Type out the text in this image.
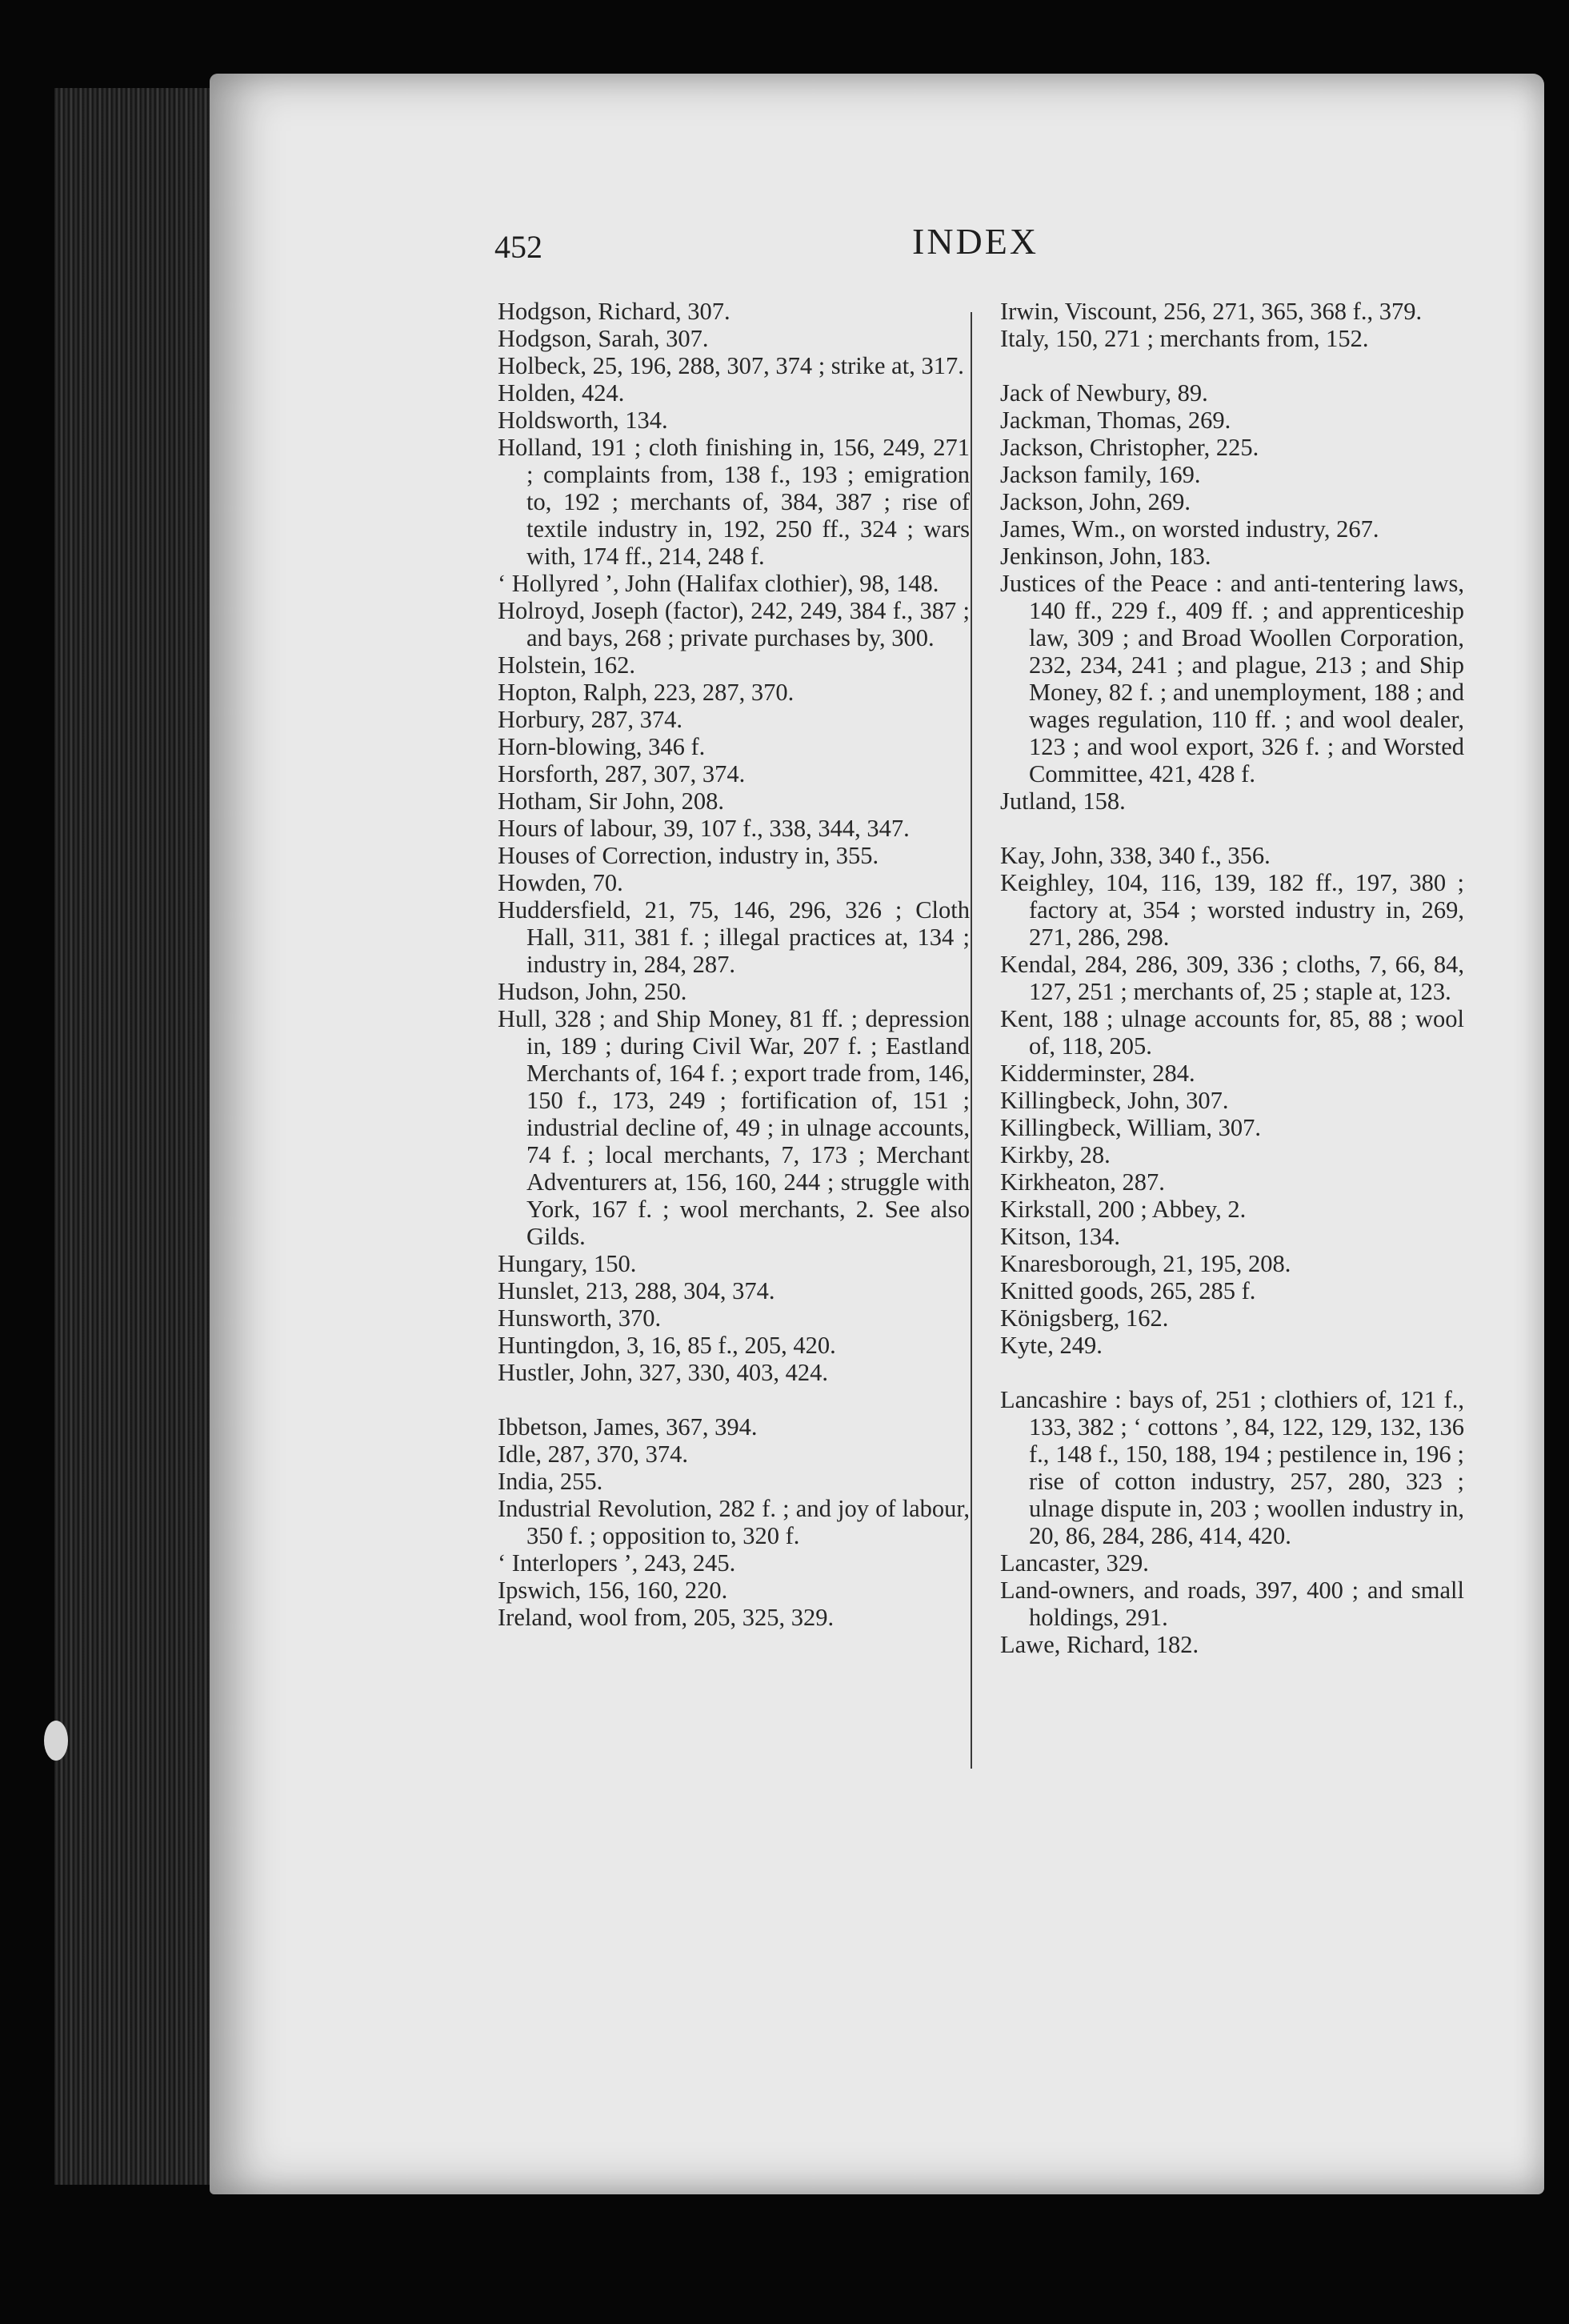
452	INDEX
Hodgson, Richard, 307.
Hodgson, Sarah, 307.
Holbeck, 25, 196, 288, 307, 374 ; strike at, 317.
Holden, 424.
Holdsworth, 134.
Holland, 191 ; cloth finishing in, 156, 249, 271 ; complaints from, 138 f., 193 ; emigration to, 192 ; merchants of, 384, 387 ; rise of textile industry in, 192, 250 ff., 324 ; wars with, 174 ff., 214, 248 f.
‘ Hollyred ’, John (Halifax clothier), 98, 148.
Holroyd, Joseph (factor), 242, 249, 384 f., 387 ; and bays, 268 ; private purchases by, 300.
Holstein, 162.
Hopton, Ralph, 223, 287, 370.
Horbury, 287, 374.
Horn-blowing, 346 f.
Horsforth, 287, 307, 374.
Hotham, Sir John, 208.
Hours of labour, 39, 107 f., 338, 344, 347.
Houses of Correction, industry in, 355.
Howden, 70.
Huddersfield, 21, 75, 146, 296, 326 ; Cloth Hall, 311, 381 f. ; illegal practices at, 134 ; industry in, 284, 287.
Hudson, John, 250.
Hull, 328 ; and Ship Money, 81 ff. ; depression in, 189 ; during Civil War, 207 f. ; Eastland Merchants of, 164 f. ; export trade from, 146, 150 f., 173, 249 ; fortification of, 151 ; industrial decline of, 49 ; in ulnage accounts, 74 f. ; local merchants, 7, 173 ; Merchant Adventurers at, 156, 160, 244 ; struggle with York, 167 f. ; wool merchants, 2. See also Gilds.
Hungary, 150.
Hunslet, 213, 288, 304, 374.
Hunsworth, 370.
Huntingdon, 3, 16, 85 f., 205, 420.
Hustler, John, 327, 330, 403, 424.
Ibbetson, James, 367, 394.
Idle, 287, 370, 374.
India, 255.
Industrial Revolution, 282 f. ; and joy of labour, 350 f. ; opposition to, 320 f.
‘ Interlopers ’, 243, 245.
Ipswich, 156, 160, 220.
Ireland, wool from, 205, 325, 329.
Irwin, Viscount, 256, 271, 365, 368 f., 379.
Italy, 150, 271 ; merchants from, 152.
Jack of Newbury, 89.
Jackman, Thomas, 269.
Jackson, Christopher, 225.
Jackson family, 169.
Jackson, John, 269.
James, Wm., on worsted industry, 267.
Jenkinson, John, 183.
Justices of the Peace : and anti-tentering laws, 140 ff., 229 f., 409 ff. ; and apprenticeship law, 309 ; and Broad Woollen Corporation, 232, 234, 241 ; and plague, 213 ; and Ship Money, 82 f. ; and unemployment, 188 ; and wages regulation, 110 ff. ; and wool dealer, 123 ; and wool export, 326 f. ; and Worsted Committee, 421, 428 f.
Jutland, 158.
Kay, John, 338, 340 f., 356.
Keighley, 104, 116, 139, 182 ff., 197, 380 ; factory at, 354 ; worsted industry in, 269, 271, 286, 298.
Kendal, 284, 286, 309, 336 ; cloths, 7, 66, 84, 127, 251 ; merchants of, 25 ; staple at, 123.
Kent, 188 ; ulnage accounts for, 85, 88 ; wool of, 118, 205.
Kidderminster, 284.
Killingbeck, John, 307.
Killingbeck, William, 307.
Kirkby, 28.
Kirkheaton, 287.
Kirkstall, 200 ; Abbey, 2.
Kitson, 134.
Knaresborough, 21, 195, 208.
Knitted goods, 265, 285 f.
Königsberg, 162.
Kyte, 249.
Lancashire : bays of, 251 ; clothiers of, 121 f., 133, 382 ; ‘ cottons ’, 84, 122, 129, 132, 136 f., 148 f., 150, 188, 194 ; pestilence in, 196 ; rise of cotton industry, 257, 280, 323 ; ulnage dispute in, 203 ; woollen industry in, 20, 86, 284, 286, 414, 420.
Lancaster, 329.
Land-owners, and roads, 397, 400 ; and small holdings, 291.
Lawe, Richard, 182.
